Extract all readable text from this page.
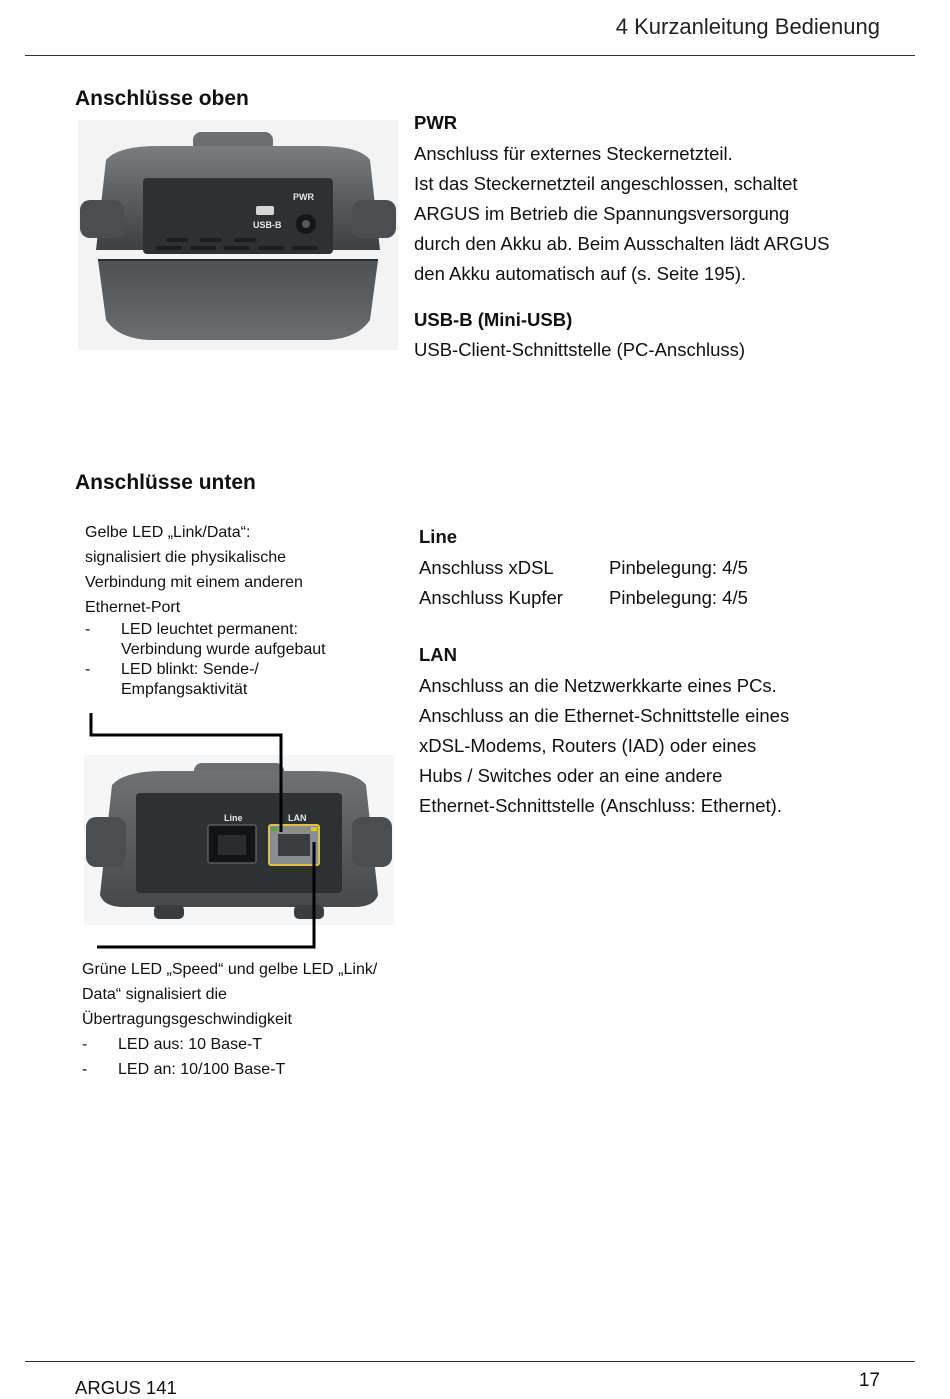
4 Kurzanleitung Bedienung
Anschlüsse oben
PWR
USB-B
PWR
Anschluss für externes Steckernetzteil.
Ist das Steckernetzteil angeschlossen, schaltet
ARGUS im Betrieb die Spannungsversorgung
durch den Akku ab. Beim Ausschalten lädt ARGUS
den Akku automatisch auf (s. Seite 195).
USB-B (Mini-USB)
USB-Client-Schnittstelle (PC-Anschluss)
Anschlüsse unten
Gelbe LED „Link/Data“:
signalisiert die physikalische
Verbindung mit einem anderen
Ethernet-Port
-	LED leuchtet permanent:
Verbindung wurde aufgebaut
-	LED blinkt: Sende-/
Empfangsaktivität
Line	LAN
Line
Anschluss xDSL	Pinbelegung: 4/5
Anschluss Kupfer	Pinbelegung: 4/5
LAN
Anschluss an die Netzwerkkarte eines PCs.
Anschluss an die Ethernet-Schnittstelle eines
xDSL-Modems, Routers (IAD) oder eines
Hubs / Switches oder an eine andere
Ethernet-Schnittstelle (Anschluss: Ethernet).
Grüne LED „Speed“ und gelbe LED „Link/
Data“ signalisiert die
Übertragungsgeschwindigkeit
-	LED aus: 10 Base-T
-	LED an: 10/100 Base-T
ARGUS 141	17
